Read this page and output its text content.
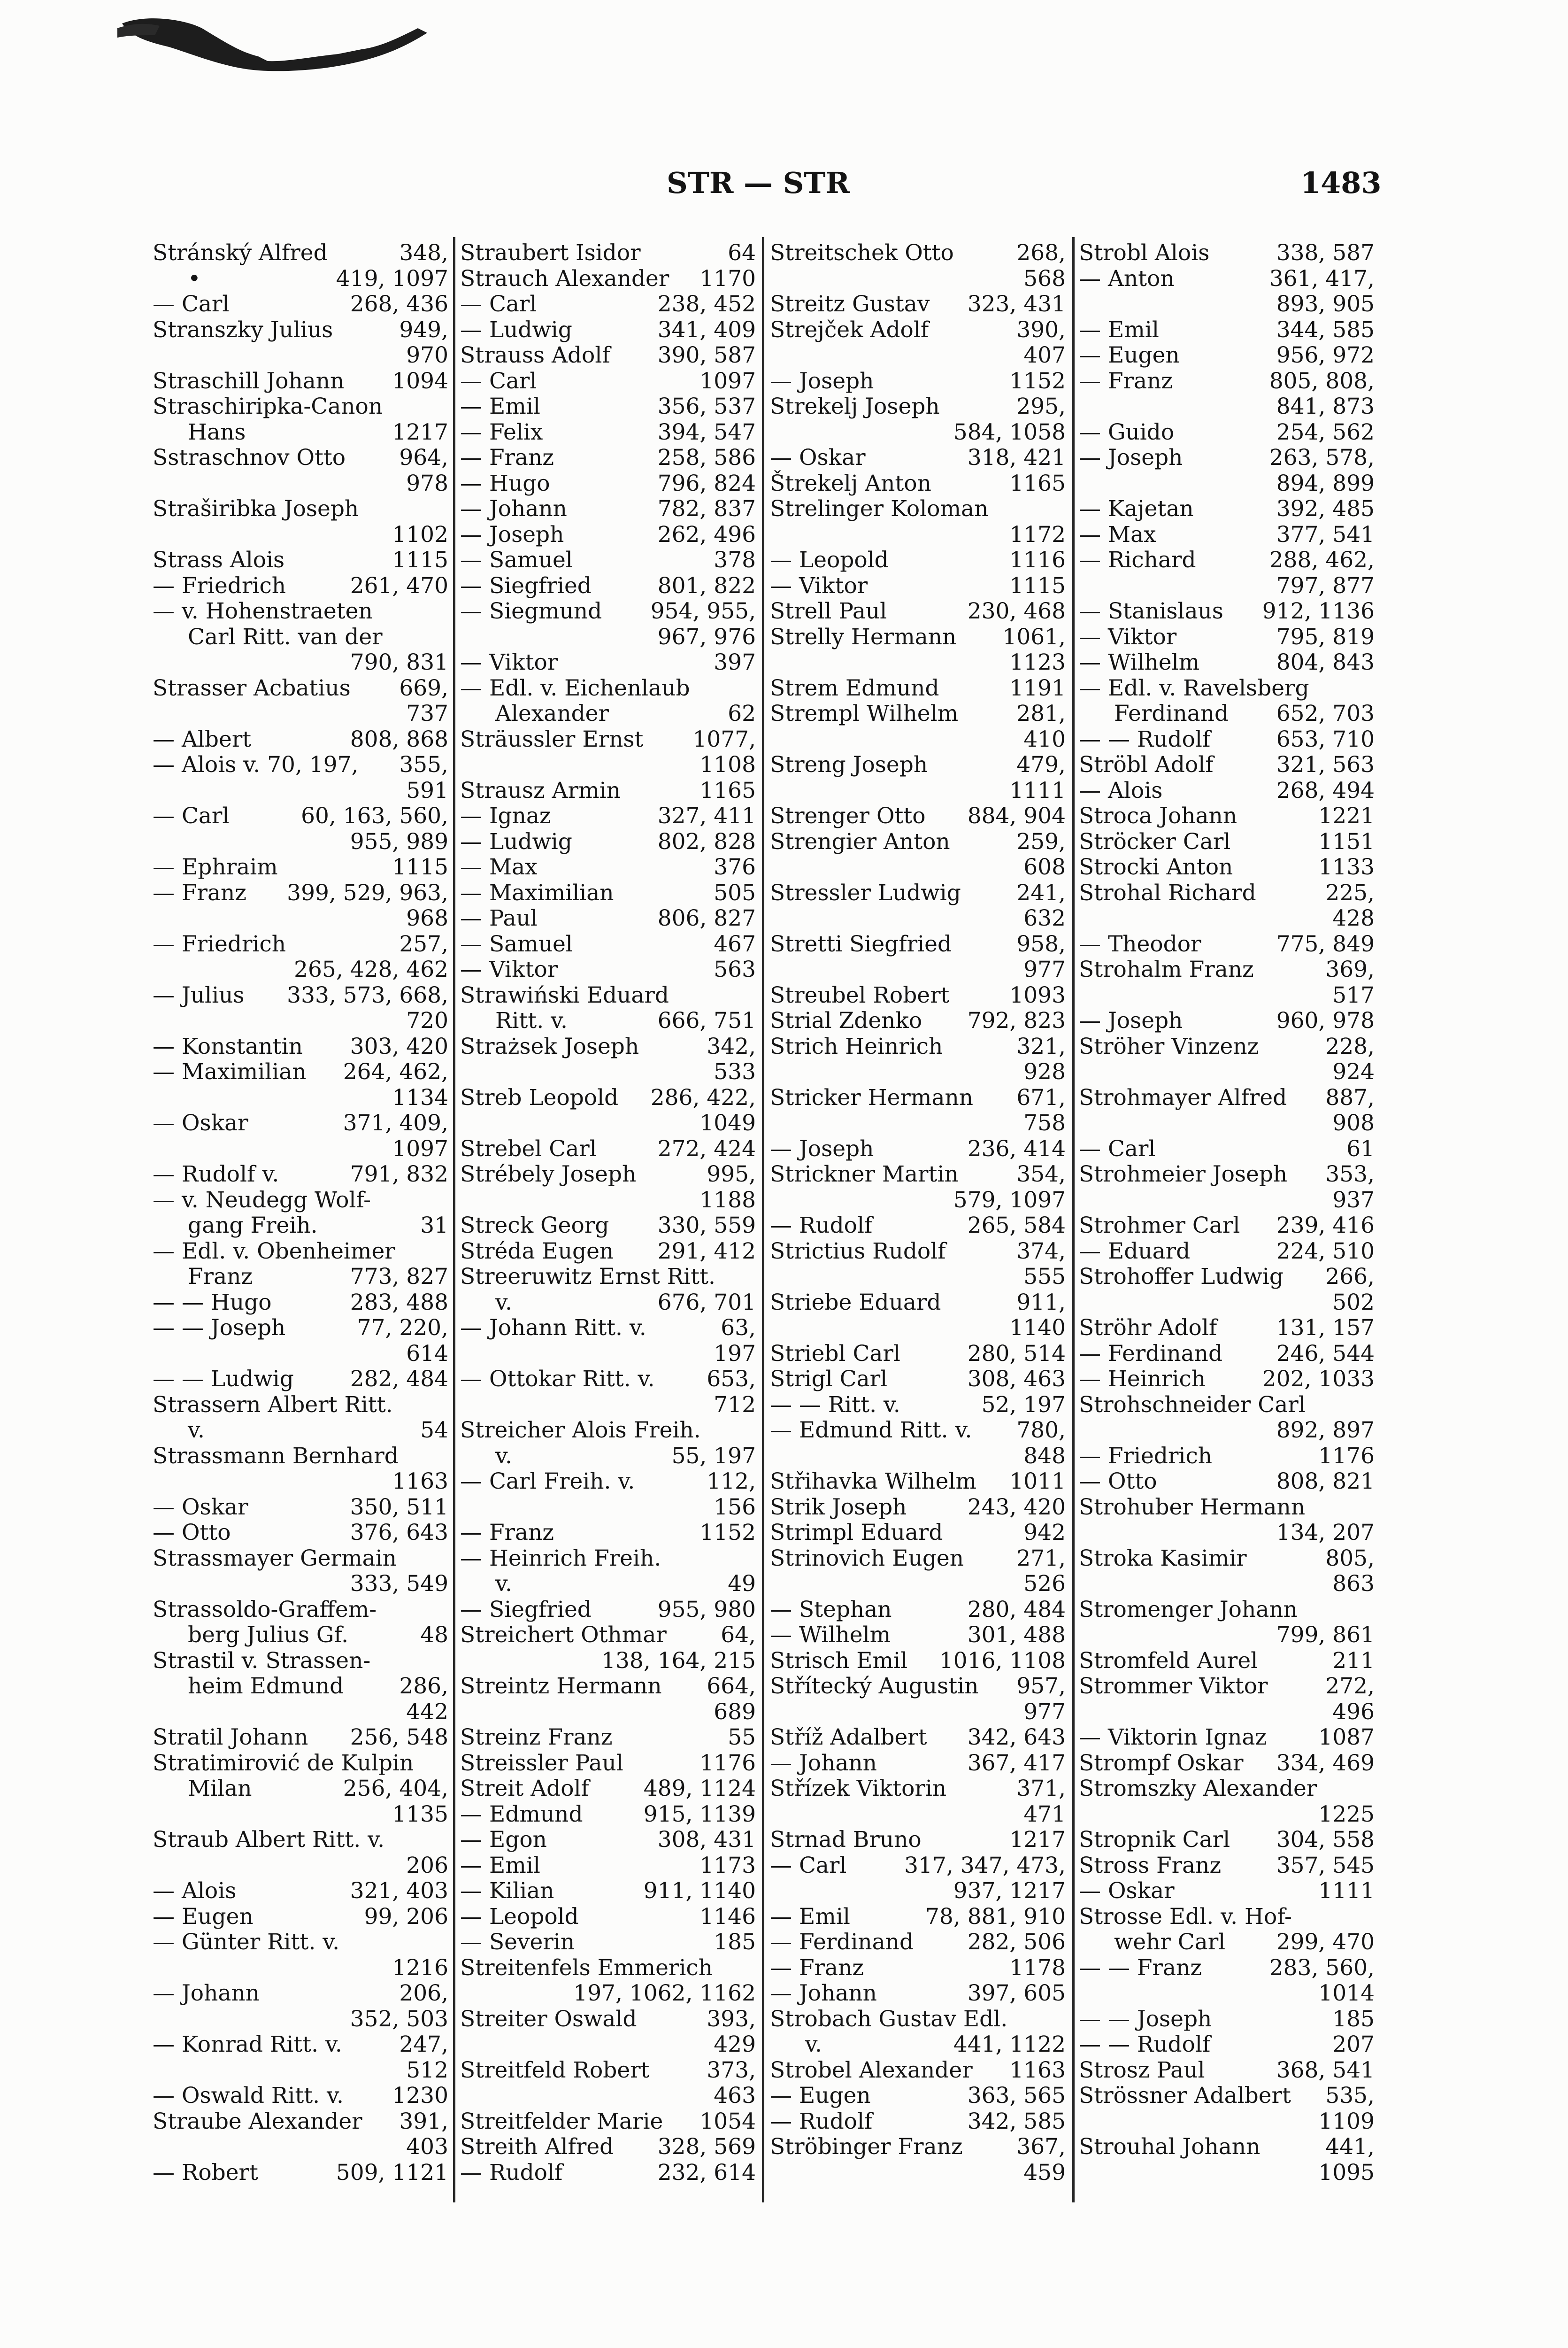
STR — STR	1483
Stránský Alfred	348,
•	419, 1097
— Carl	268, 436
Stranszky Julius	949,
970
Straschill Johann 1094
Straschiripka-Canon
Hans	1217
Sstraschnov Otto 964,
978
Straširibka Joseph
1102
Strass Alois	1115
— Friedrich	261, 470
— v. Hohenstraeten
Carl Ritt. van der
790, 831
Strasser Acbatius 669,
737
— Albert	808, 868
— Alois v. 70, 197, 355,
591
— Carl	60, 163, 560,
955, 989
— Ephraim	1115
— Franz 399, 529, 963,
968
— Friedrich	257,
265, 428, 462
— Julius 333, 573, 668,
720
— Konstantin 303, 420
— Maximilian 264, 462,
1134
— Oskar	371, 409,
1097
— Rudolf v.	791, 832
— v. Neudegg Wolf-
gang Freih.	31
— Edl. v. Obenheimer
Franz	773, 827
— — Hugo	283, 488
— — Joseph	77, 220,
614
— — Ludwig	282, 484
Strassern Albert Ritt.
v.	54
Strassmann Bernhard
1163
— Oskar	350, 511
— Otto	376, 643
Strassmayer Germain
333, 549
Strassoldo-Graffem-
berg Julius Gf.	48
Strastil v. Strassen-
heim Edmund	286,
442
Stratil Johann 256, 548
Stratimirović de Kulpin
Milan	256, 404,
1135
Straub Albert Ritt. v.
206
— Alois	321, 403
— Eugen	99, 206
— Günter Ritt. v.
1216
— Johann	206,
352, 503
— Konrad Ritt. v.	247,
512
— Oswald Ritt. v. 1230
Straube Alexander 391,
403
— Robert	509, 1121
Straubert Isidor	64
Strauch Alexander 1170
— Carl	238, 452
— Ludwig	341, 409
Strauss Adolf 390, 587
— Carl	1097
— Emil	356, 537
— Felix	394, 547
— Franz	258, 586
— Hugo	796, 824
— Johann	782, 837
— Joseph	262, 496
— Samuel	378
— Siegfried	801, 822
— Siegmund 954, 955,
967, 976
— Viktor	397
— Edl. v. Eichenlaub
Alexander	62
Sträussler Ernst 1077,
1108
Strausz Armin	1165
— Ignaz	327, 411
— Ludwig	802, 828
— Max	376
— Maximilian	505
— Paul	806, 827
— Samuel	467
— Viktor	563
Strawiński Eduard
Ritt. v.	666, 751
Strażsek Joseph	342,
533
Streb Leopold 286, 422,
1049
Strebel Carl	272, 424
Strébely Joseph	995,
1188
Streck Georg 330, 559
Stréda Eugen 291, 412
Streeruwitz Ernst Ritt.
v.	676, 701
— Johann Ritt. v.	63,
197
— Ottokar Ritt. v. 653,
712
Streicher Alois Freih.
v.	55, 197
— Carl Freih. v.	112,
156
— Franz	1152
— Heinrich Freih.
v.	49
— Siegfried	955, 980
Streichert Othmar 64,
138, 164, 215
Streintz Hermann 664,
689
Streinz Franz	55
Streissler Paul	1176
Streit Adolf 489, 1124
— Edmund	915, 1139
— Egon	308, 431
— Emil	1173
— Kilian	911, 1140
— Leopold	1146
— Severin	185
Streitenfels Emmerich
197, 1062, 1162
Streiter Oswald	393,
429
Streitfeld Robert	373,
463
Streitfelder Marie 1054
Streith Alfred 328, 569
— Rudolf	232, 614
Streitschek Otto	268,
568
Streitz Gustav 323, 431
Strejček Adolf	390,
407
— Joseph	1152
Strekelj Joseph	295,
584, 1058
— Oskar	318, 421
Štrekelj Anton	1165
Strelinger Koloman
1172
— Leopold	1116
— Viktor	1115
Strell Paul	230, 468
Strelly Hermann 1061,
1123
Strem Edmund	1191
Strempl Wilhelm	281,
410
Streng Joseph	479,
1111
Strenger Otto 884, 904
Strengier Anton	259,
608
Stressler Ludwig	241,
632
Stretti Siegfried	958,
977
Streubel Robert	1093
Strial Zdenko 792, 823
Strich Heinrich	321,
928
Stricker Hermann 671,
758
— Joseph	236, 414
Strickner Martin	354,
579, 1097
— Rudolf	265, 584
Strictius Rudolf	374,
555
Striebe Eduard	911,
1140
Striebl Carl	280, 514
Strigl Carl	308, 463
— — Ritt. v.	52, 197
— Edmund Ritt. v. 780,
848
Střihavka Wilhelm 1011
Strik Joseph	243, 420
Strimpl Eduard	942
Strinovich Eugen 271,
526
— Stephan	280, 484
— Wilhelm	301, 488
Strisch Emil 1016, 1108
Střítecký Augustin 957,
977
Stříž Adalbert 342, 643
— Johann	367, 417
Střízek Viktorin	371,
471
Strnad Bruno	1217
— Carl	317, 347, 473,
937, 1217
— Emil	78, 881, 910
— Ferdinand 282, 506
— Franz	1178
— Johann	397, 605
Strobach Gustav Edl.
v.	441, 1122
Strobel Alexander 1163
— Eugen	363, 565
— Rudolf	342, 585
Ströbinger Franz 367,
459
Strobl Alois	338, 587
— Anton	361, 417,
893, 905
— Emil	344, 585
— Eugen	956, 972
— Franz	805, 808,
841, 873
— Guido	254, 562
— Joseph	263, 578,
894, 899
— Kajetan	392, 485
— Max	377, 541
— Richard	288, 462,
797, 877
— Stanislaus 912, 1136
— Viktor	795, 819
— Wilhelm	804, 843
— Edl. v. Ravelsberg
Ferdinand 652, 703
— — Rudolf	653, 710
Ströbl Adolf	321, 563
— Alois	268, 494
Stroca Johann	1221
Ströcker Carl	1151
Strocki Anton	1133
Strohal Richard	225,
428
— Theodor	775, 849
Strohalm Franz	369,
517
— Joseph	960, 978
Ströher Vinzenz	228,
924
Strohmayer Alfred 887,
908
— Carl	61
Strohmeier Joseph 353,
937
Strohmer Carl 239, 416
— Eduard	224, 510
Strohoffer Ludwig 266,
502
Ströhr Adolf	131, 157
— Ferdinand 246, 544
— Heinrich	202, 1033
Strohschneider Carl
892, 897
— Friedrich	1176
— Otto	808, 821
Strohuber Hermann
134, 207
Stroka Kasimir	805,
863
Stromenger Johann
799, 861
Stromfeld Aurel	211
Strommer Viktor	272,
496
— Viktorin Ignaz 1087
Strompf Oskar 334, 469
Stromszky Alexander
1225
Stropnik Carl 304, 558
Stross Franz	357, 545
— Oskar	1111
Strosse Edl. v. Hof-
wehr Carl 299, 470
— — Franz	283, 560,
1014
— — Joseph	185
— — Rudolf	207
Strosz Paul	368, 541
Strössner Adalbert 535,
1109
Strouhal Johann	441,
1095
